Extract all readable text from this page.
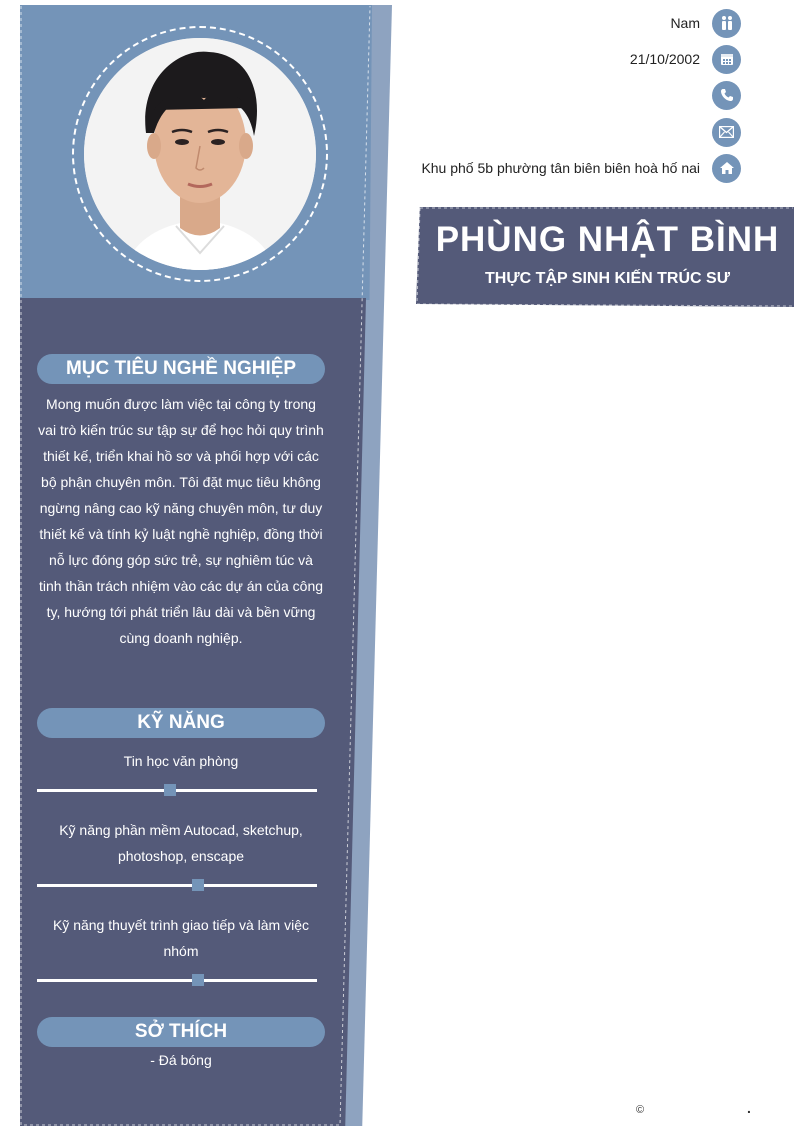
MỤC TIÊU NGHỀ NGHIỆP
Mong muốn được làm việc tại công ty trong vai trò kiến trúc sư tập sự để học hỏi quy trình thiết kế, triển khai hồ sơ và phối hợp với các bộ phận chuyên môn. Tôi đặt mục tiêu không ngừng nâng cao kỹ năng chuyên môn, tư duy thiết kế và tính kỷ luật nghề nghiệp, đồng thời nỗ lực đóng góp sức trẻ, sự nghiêm túc và tinh thần trách nhiệm vào các dự án của công ty, hướng tới phát triển lâu dài và bền vững cùng doanh nghiệp.
KỸ NĂNG
Tin học văn phòng
Kỹ năng phần mềm Autocad, sketchup, photoshop, enscape
Kỹ năng thuyết trình giao tiếp và làm việc nhóm
SỞ THÍCH
- Đá bóng
Nam
21/10/2002
Khu phố 5b phường tân biên biên hoà hố nai
PHÙNG NHẬT BÌNH
THỰC TẬP SINH KIẾN TRÚC SƯ
©	.
